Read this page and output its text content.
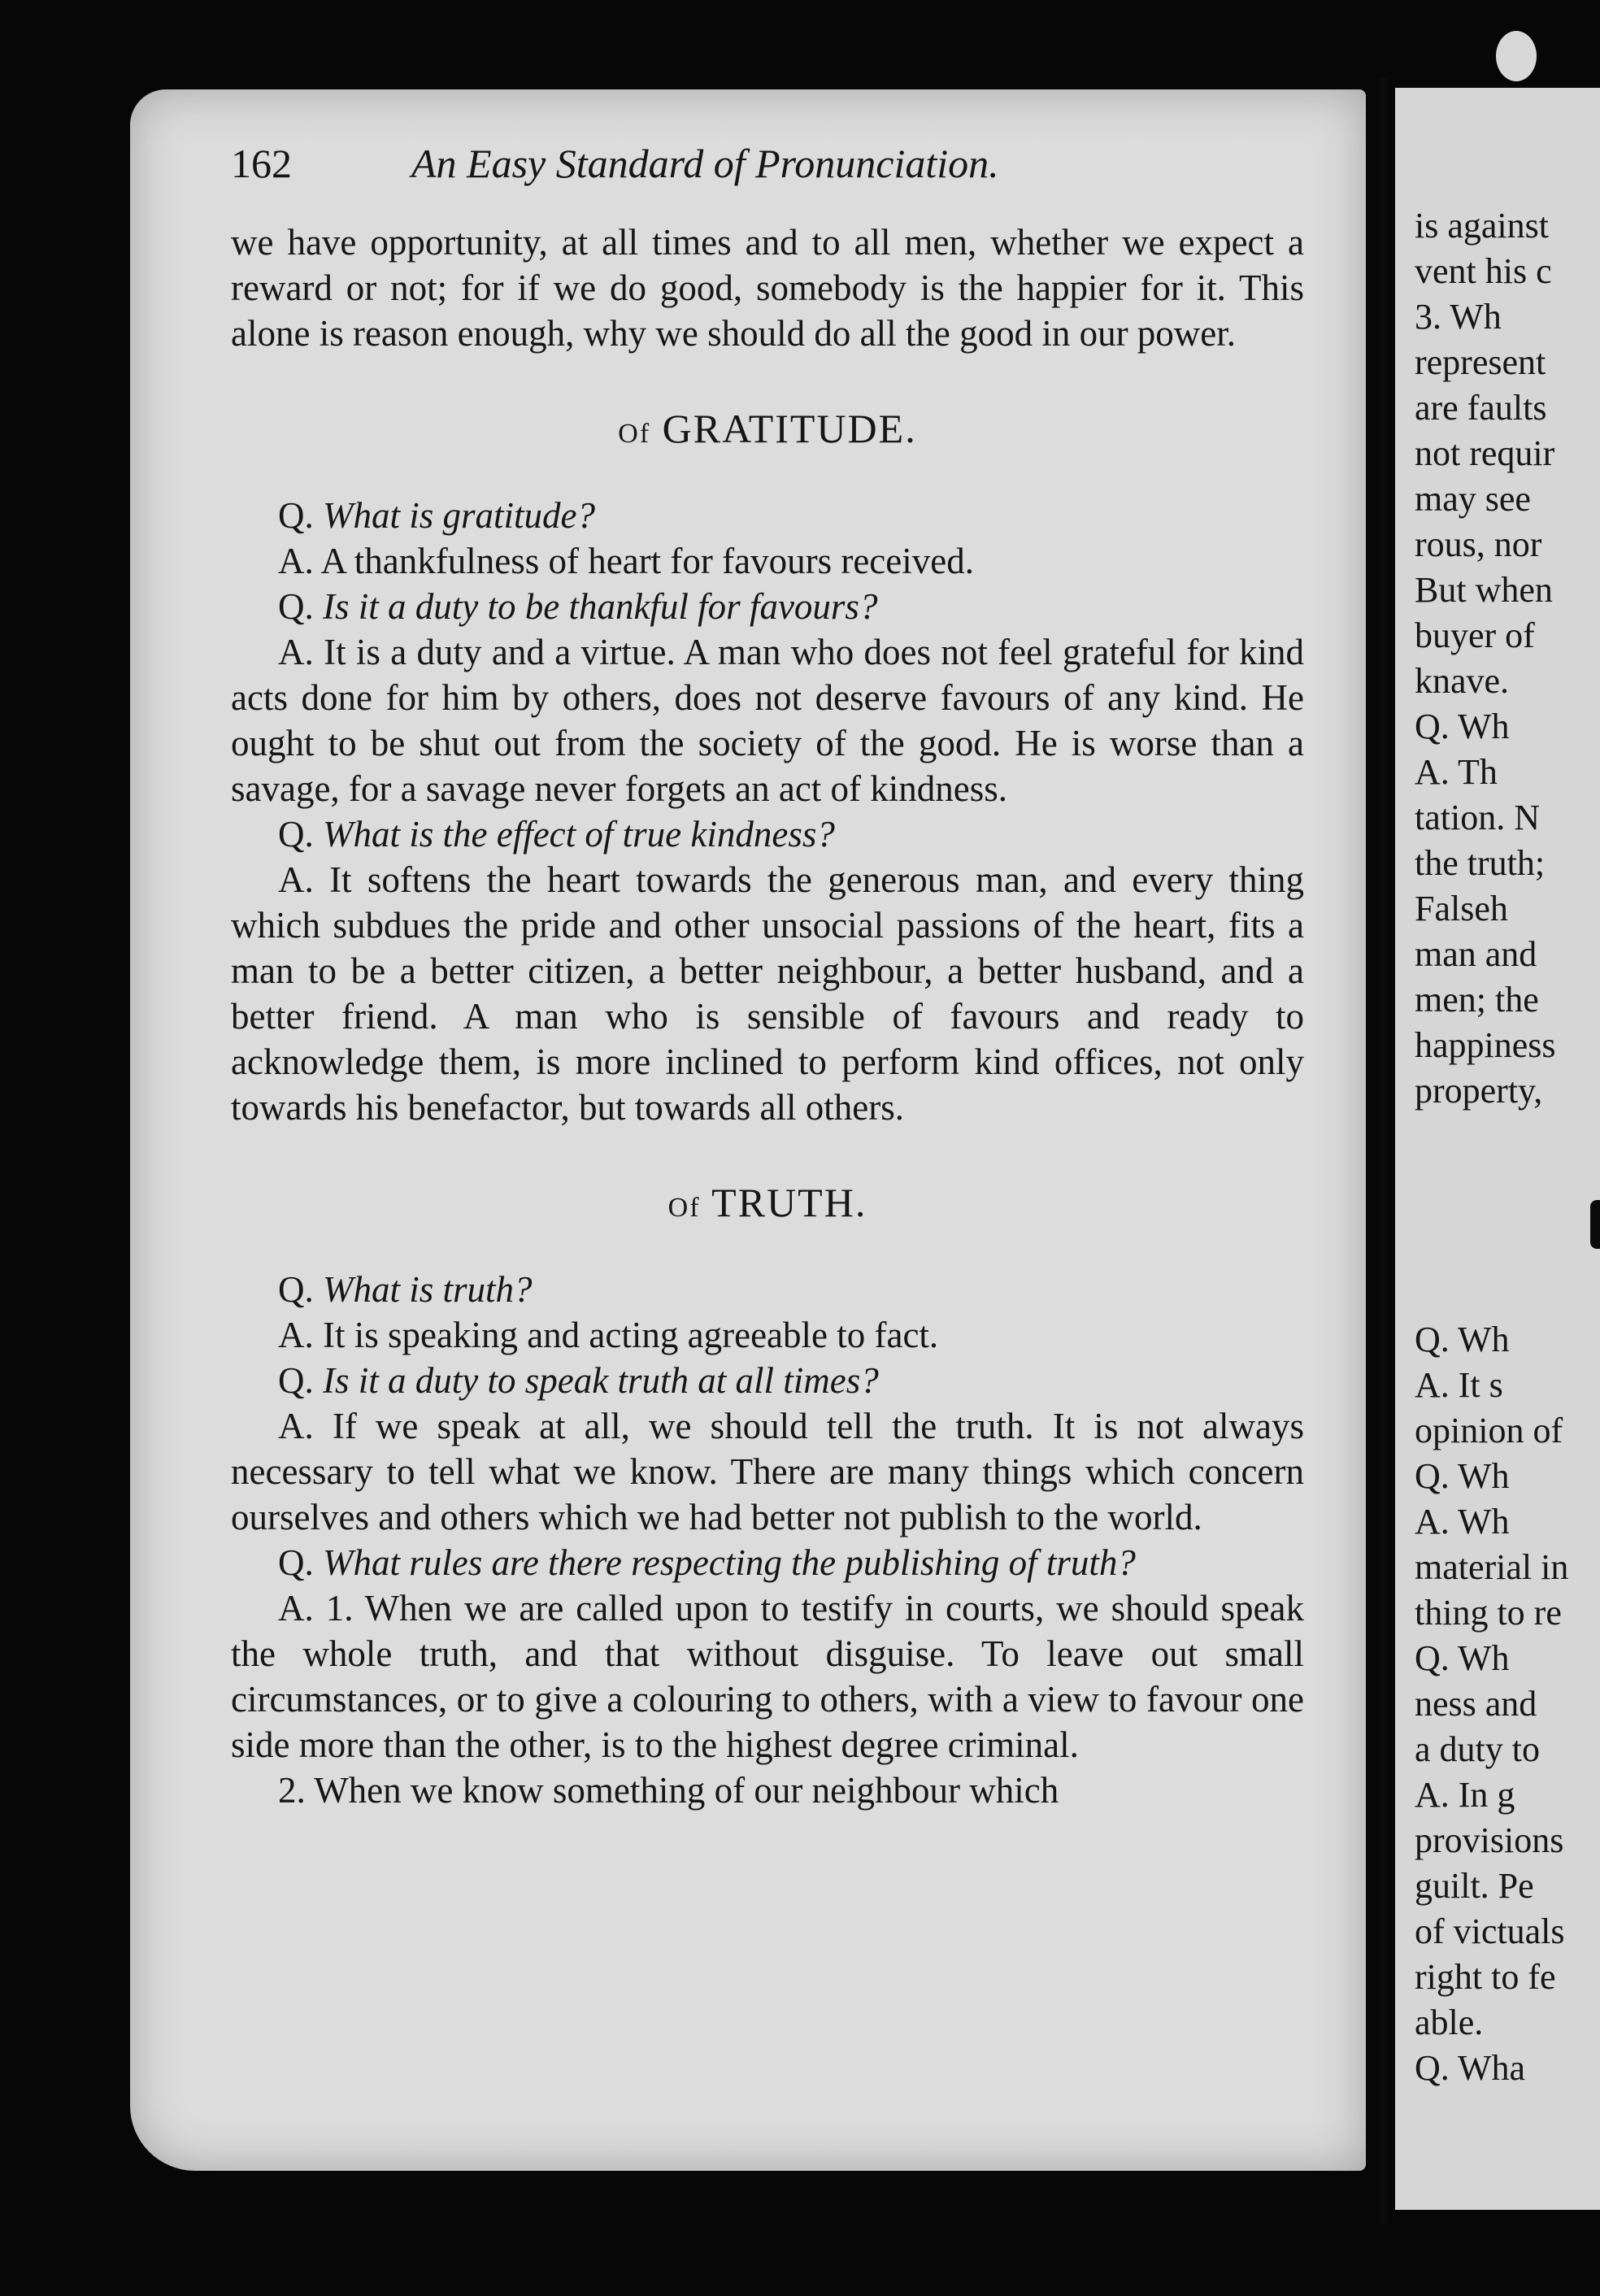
162	An Easy Standard of Pronunciation.

we have opportunity, at all times and to all men, whether we expect a reward or not; for if we do good, somebody is the happier for it. This alone is reason enough, why we should do all the good in our power.

Of GRATITUDE.

Q. What is gratitude?

A. A thankfulness of heart for favours received.

Q. Is it a duty to be thankful for favours?

A. It is a duty and a virtue. A man who does not feel grateful for kind acts done for him by others, does not deserve favours of any kind. He ought to be shut out from the society of the good. He is worse than a savage, for a savage never forgets an act of kindness.

Q. What is the effect of true kindness?

A. It softens the heart towards the generous man, and every thing which subdues the pride and other unsocial passions of the heart, fits a man to be a better citizen, a better neighbour, a better husband, and a better friend. A man who is sensible of favours and ready to acknowledge them, is more inclined to perform kind offices, not only towards his benefactor, but towards all others.

Of TRUTH.

Q. What is truth?

A. It is speaking and acting agreeable to fact.

Q. Is it a duty to speak truth at all times?

A. If we speak at all, we should tell the truth. It is not always necessary to tell what we know. There are many things which concern ourselves and others which we had better not publish to the world.

Q. What rules are there respecting the publishing of truth?

A. 1. When we are called upon to testify in courts, we should speak the whole truth, and that without disguise. To leave out small circumstances, or to give a colouring to others, with a view to favour one side more than the other, is to the highest degree criminal.

2. When we know something of our neighbour which

is against
vent his c
3. Wh
represent
are faults
not requir
may see
rous, nor
But when
buyer of
knave.
Q. Wh
A. Th
tation. N
the truth;
Falseh
man and
men; the
happiness
property,
Q. Wh
A. It s
opinion of
Q. Wh
A. Wh
material in
thing to re
Q. Wh
ness and
a duty to
A. In g
provisions
guilt. Pe
of victuals
right to fe
able.
Q. Wha
